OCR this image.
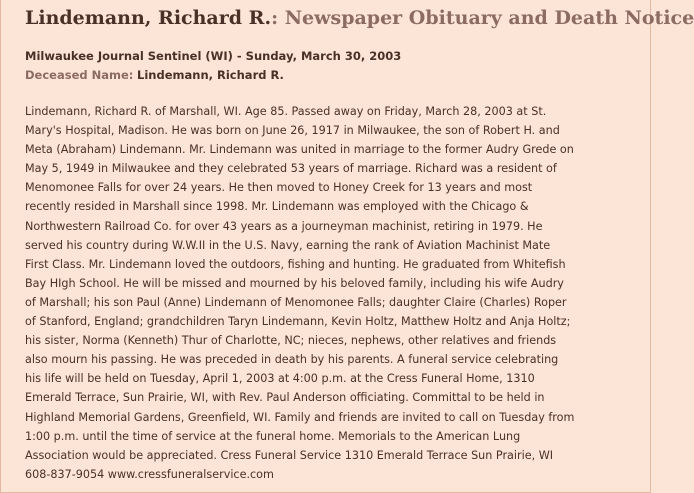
Lindemann, Richard R.: Newspaper Obituary and Death Notice
Milwaukee Journal Sentinel (WI) - Sunday, March 30, 2003
Deceased Name: Lindemann, Richard R.
Lindemann, Richard R. of Marshall, WI. Age 85. Passed away on Friday, March 28, 2003 at St.
Mary's Hospital, Madison. He was born on June 26, 1917 in Milwaukee, the son of Robert H. and
Meta (Abraham) Lindemann. Mr. Lindemann was united in marriage to the former Audry Grede on
May 5, 1949 in Milwaukee and they celebrated 53 years of marriage. Richard was a resident of
Menomonee Falls for over 24 years. He then moved to Honey Creek for 13 years and most
recently resided in Marshall since 1998. Mr. Lindemann was employed with the Chicago &
Northwestern Railroad Co. for over 43 years as a journeyman machinist, retiring in 1979. He
served his country during W.W.II in the U.S. Navy, earning the rank of Aviation Machinist Mate
First Class. Mr. Lindemann loved the outdoors, fishing and hunting. He graduated from Whitefish
Bay HIgh School. He will be missed and mourned by his beloved family, including his wife Audry
of Marshall; his son Paul (Anne) Lindemann of Menomonee Falls; daughter Claire (Charles) Roper
of Stanford, England; grandchildren Taryn Lindemann, Kevin Holtz, Matthew Holtz and Anja Holtz;
his sister, Norma (Kenneth) Thur of Charlotte, NC; nieces, nephews, other relatives and friends
also mourn his passing. He was preceded in death by his parents. A funeral service celebrating
his life will be held on Tuesday, April 1, 2003 at 4:00 p.m. at the Cress Funeral Home, 1310
Emerald Terrace, Sun Prairie, WI, with Rev. Paul Anderson officiating. Committal to be held in
Highland Memorial Gardens, Greenfield, WI. Family and friends are invited to call on Tuesday from
1:00 p.m. until the time of service at the funeral home. Memorials to the American Lung
Association would be appreciated. Cress Funeral Service 1310 Emerald Terrace Sun Prairie, WI
608-837-9054 www.cressfuneralservice.com
